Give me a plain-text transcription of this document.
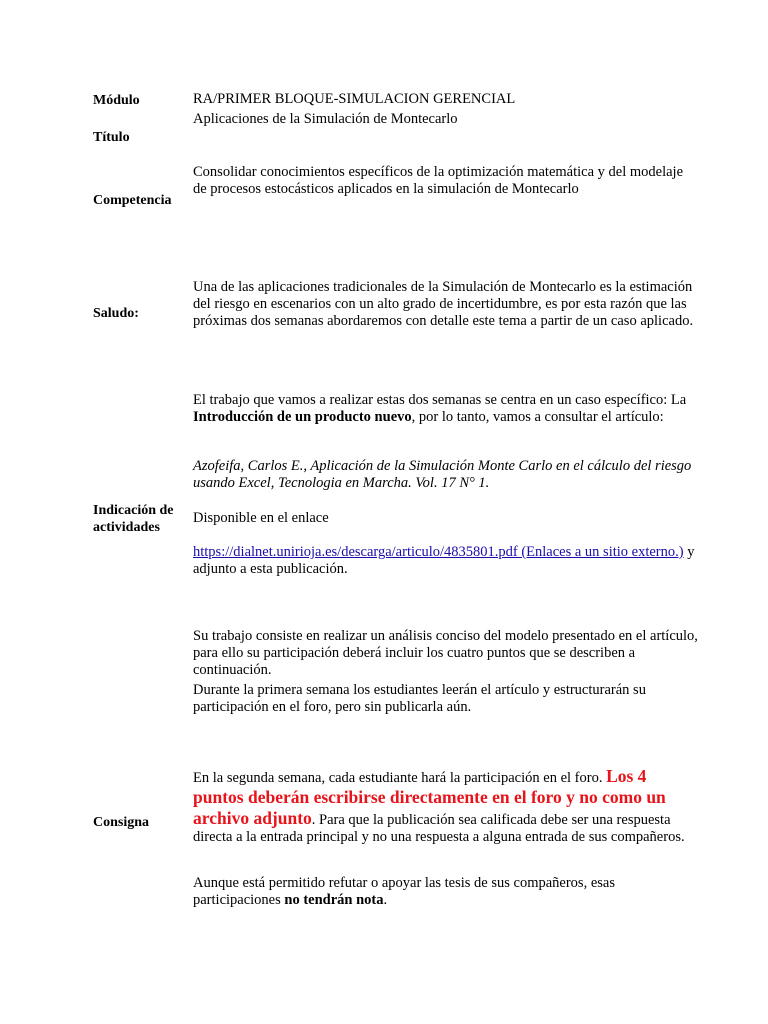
Módulo
Título
Competencia
Saludo:
Indicación de
actividades
Consigna
RA/PRIMER BLOQUE-SIMULACION GERENCIAL
Aplicaciones de la Simulación de Montecarlo
Consolidar conocimientos específicos de la optimización matemática y del modelaje de procesos estocásticos aplicados en la simulación de Montecarlo
Una de las aplicaciones tradicionales de la Simulación de Montecarlo es la estimación del riesgo en escenarios con un alto grado de incertidumbre, es por esta razón que las próximas dos semanas abordaremos con detalle este tema a partir de un caso aplicado.
El trabajo que vamos a realizar estas dos semanas se centra en un caso específico: La Introducción de un producto nuevo, por lo tanto, vamos a consultar el artículo:
Azofeifa, Carlos E., Aplicación de la Simulación Monte Carlo en el cálculo del riesgo usando Excel, Tecnologia en Marcha. Vol. 17 N° 1.
Disponible en el enlace
https://dialnet.unirioja.es/descarga/articulo/4835801.pdf (Enlaces a un sitio externo.) y adjunto a esta publicación.
Su trabajo consiste en realizar un análisis conciso del modelo presentado en el artículo, para ello su participación deberá incluir los cuatro puntos que se describen a continuación.
Durante la primera semana los estudiantes leerán el artículo y estructurarán su participación en el foro, pero sin publicarla aún.
En la segunda semana, cada estudiante hará la participación en el foro. Los 4 puntos deberán escribirse directamente en el foro y no como un archivo adjunto. Para que la publicación sea calificada debe ser una respuesta directa a la entrada principal y no una respuesta a alguna entrada de sus compañeros.
Aunque está permitido refutar o apoyar las tesis de sus compañeros, esas participaciones no tendrán nota.
